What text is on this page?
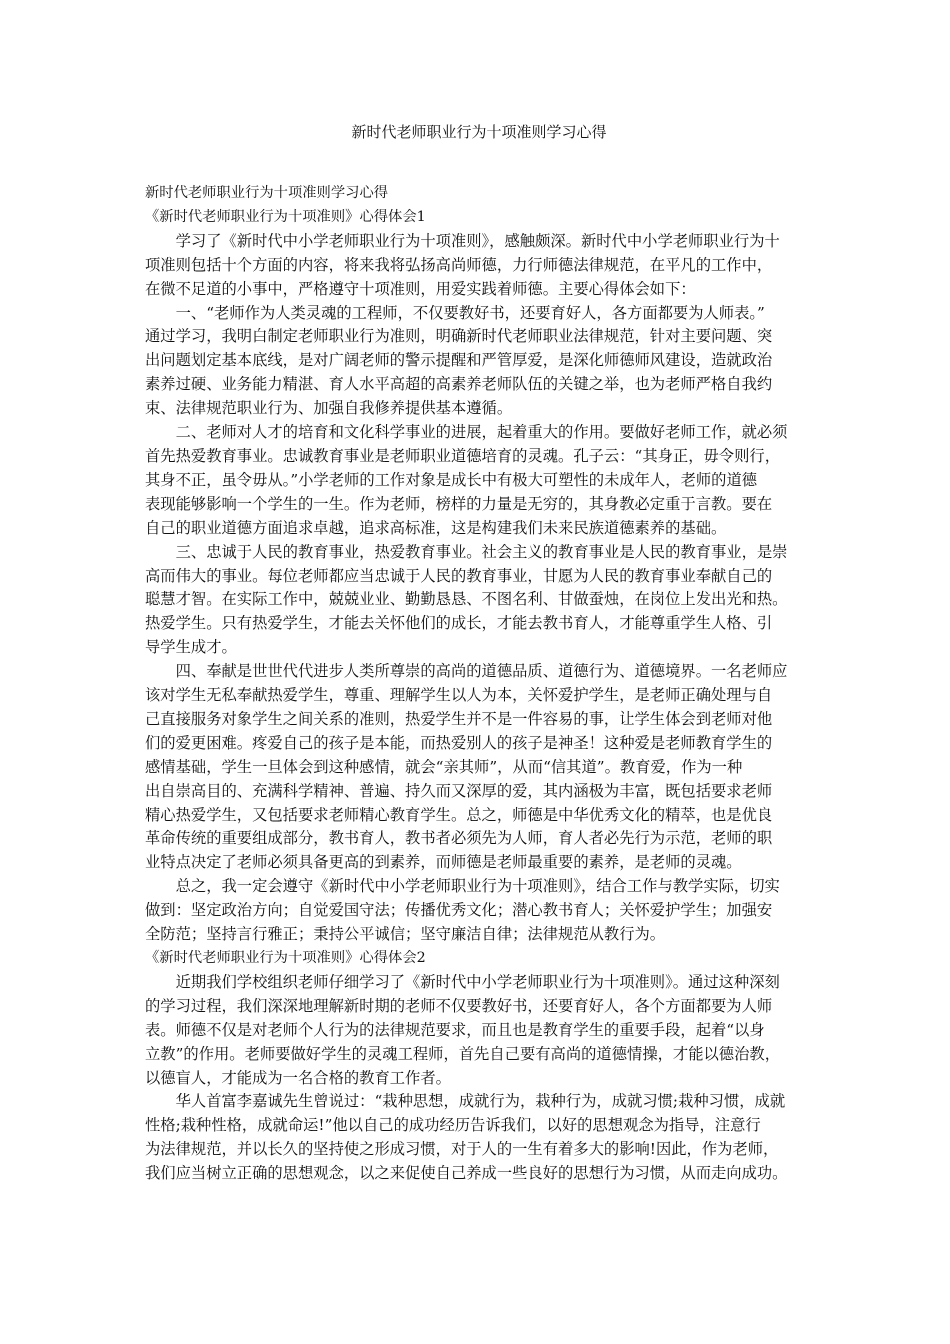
新时代老师职业行为十项准则学习心得

新时代老师职业行为十项准则学习心得

《新时代老师职业行为十项准则》心得体会1

学习了《新时代中小学老师职业行为十项准则》，感触颇深。新时代中小学老师职业行为十

项准则包括十个方面的内容，将来我将弘扬高尚师德，力行师德法律规范，在平凡的工作中，

在微不足道的小事中，严格遵守十项准则，用爱实践着师德。主要心得体会如下：

一、“老师作为人类灵魂的工程师，不仅要教好书，还要育好人，各方面都要为人师表。”

通过学习，我明白制定老师职业行为准则，明确新时代老师职业法律规范，针对主要问题、突

出问题划定基本底线，是对广阔老师的警示提醒和严管厚爱，是深化师德师风建设，造就政治

素养过硬、业务能力精湛、育人水平高超的高素养老师队伍的关键之举，也为老师严格自我约

束、法律规范职业行为、加强自我修养提供基本遵循。

二、老师对人才的培育和文化科学事业的进展，起着重大的作用。要做好老师工作，就必须

首先热爱教育事业。忠诚教育事业是老师职业道德培育的灵魂。孔子云：“其身正，毋令则行，

其身不正，虽令毋从。”小学老师的工作对象是成长中有极大可塑性的未成年人，老师的道德

表现能够影响一个学生的一生。作为老师，榜样的力量是无穷的，其身教必定重于言教。要在

自己的职业道德方面追求卓越，追求高标准，这是构建我们未来民族道德素养的基础。

三、忠诚于人民的教育事业，热爱教育事业。社会主义的教育事业是人民的教育事业，是崇

高而伟大的事业。每位老师都应当忠诚于人民的教育事业，甘愿为人民的教育事业奉献自己的

聪慧才智。在实际工作中，兢兢业业、勤勤恳恳、不图名利、甘做蚕烛，在岗位上发出光和热。

热爱学生。只有热爱学生，才能去关怀他们的成长，才能去教书育人，才能尊重学生人格、引

导学生成才。

四、奉献是世世代代进步人类所尊崇的高尚的道德品质、道德行为、道德境界。一名老师应

该对学生无私奉献热爱学生，尊重、理解学生以人为本，关怀爱护学生，是老师正确处理与自

己直接服务对象学生之间关系的准则，热爱学生并不是一件容易的事，让学生体会到老师对他

们的爱更困难。疼爱自己的孩子是本能，而热爱别人的孩子是神圣！这种爱是老师教育学生的

感情基础，学生一旦体会到这种感情，就会“亲其师”，从而“信其道”。教育爱，作为一种

出自崇高目的、充满科学精神、普遍、持久而又深厚的爱，其内涵极为丰富，既包括要求老师

精心热爱学生，又包括要求老师精心教育学生。总之，师德是中华优秀文化的精萃，也是优良

革命传统的重要组成部分，教书育人，教书者必须先为人师，育人者必先行为示范，老师的职

业特点决定了老师必须具备更高的到素养，而师德是老师最重要的素养，是老师的灵魂。

总之，我一定会遵守《新时代中小学老师职业行为十项准则》，结合工作与教学实际，切实

做到：坚定政治方向；自觉爱国守法；传播优秀文化；潜心教书育人；关怀爱护学生；加强安

全防范；坚持言行雅正；秉持公平诚信；坚守廉洁自律；法律规范从教行为。

《新时代老师职业行为十项准则》心得体会2

近期我们学校组织老师仔细学习了《新时代中小学老师职业行为十项准则》。通过这种深刻

的学习过程，我们深深地理解新时期的老师不仅要教好书，还要育好人，各个方面都要为人师

表。师德不仅是对老师个人行为的法律规范要求，而且也是教育学生的重要手段，起着“以身

立教”的作用。老师要做好学生的灵魂工程师，首先自己要有高尚的道德情操，才能以德治教，

以德盲人，才能成为一名合格的教育工作者。

华人首富李嘉诚先生曾说过：“栽种思想，成就行为，栽种行为，成就习惯;栽种习惯，成就

性格;栽种性格，成就命运!”他以自己的成功经历告诉我们，以好的思想观念为指导，注意行

为法律规范，并以长久的坚持使之形成习惯，对于人的一生有着多大的影响!因此，作为老师，

我们应当树立正确的思想观念，以之来促使自己养成一些良好的思想行为习惯，从而走向成功。
